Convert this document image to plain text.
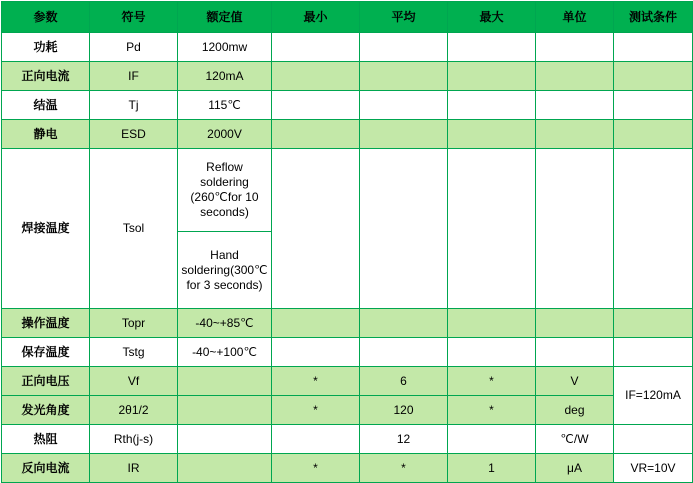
参数	符号	额定值	最小	平均	最大	单位	测试条件
功耗	Pd	1200mw					
正向电流	IF	120mA					
结温	Tj	115℃					
静电	ESD	2000V					
焊接温度	Tsol	Reflow soldering (260℃for 10 seconds)					
		Hand soldering(300℃for 3 seconds)					
操作温度	Topr	-40~+85℃					
保存温度	Tstg	-40~+100℃					
正向电压	Vf		*	6	*	V	IF=120mA
发光角度	2θ1/2		*	120	*	deg	
热阻	Rth(j-s)			12		℃/W	
反向电流	IR		*	*	1	μA	VR=10V
